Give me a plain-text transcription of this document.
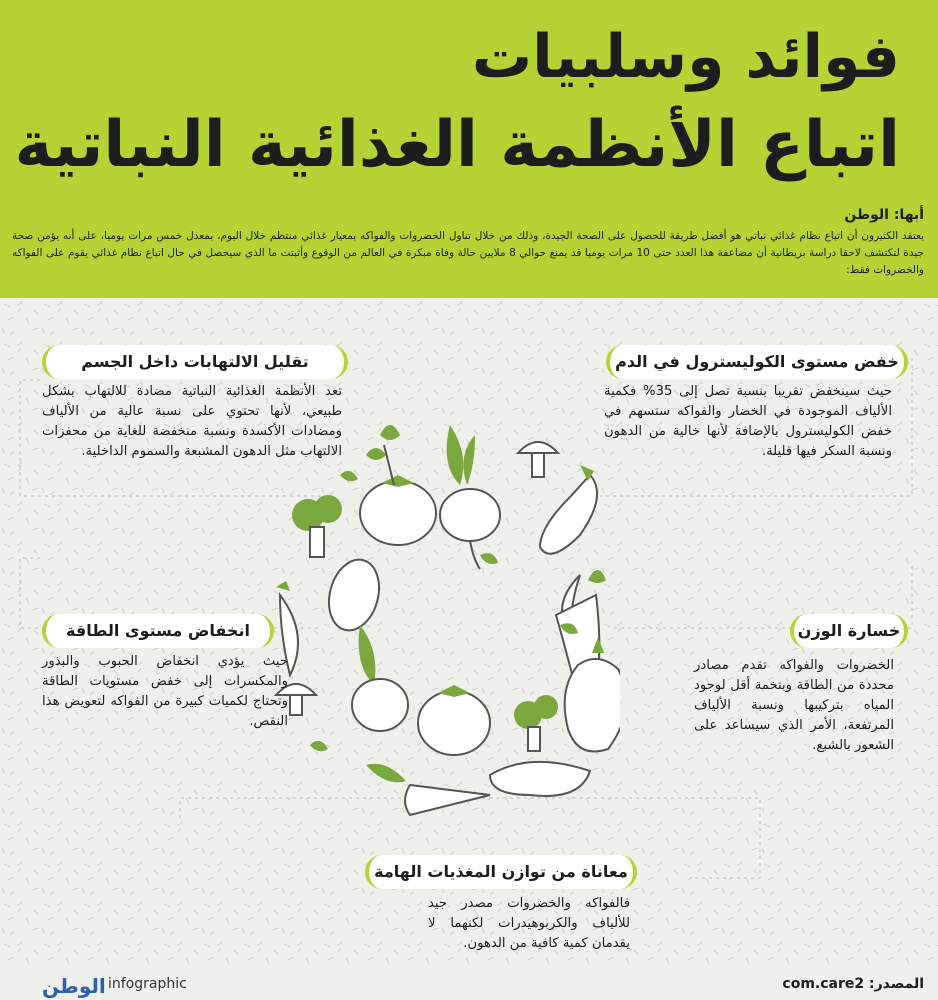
فوائد وسلبيات
اتباع الأنظمة الغذائية النباتية
أبها: الوطن
يعتقد الكثيرون أن اتباع نظام غذائي نباتي هو أفضل طريقة للحصول على الصحة الجيدة، وذلك من خلال تناول الخضروات والفواكه بمعيار غذائي منتظم خلال اليوم، بمعدل خمس مرات يوميا، على أنه يؤمن صحة جيدة لتكتشف لاحقا دراسة بريطانية أن مضاعفة هذا العدد حتى 10 مرات يوميا قد يمنع حوالي 8 ملايين حالة وفاة مبكرة في العالم من الوقوع وأثبتت ما الذي سيحصل في حال اتباع نظام غذائي يقوم على الفواكه والخضروات فقط:
تقليل الالتهابات داخل الجسم
تعد الأنظمة الغذائية النباتية مضادة للالتهاب بشكل طبيعي، لأنها تحتوي على نسبة عالية من الألياف ومضادات الأكسدة ونسبة منخفضة للغاية من محفزات الالتهاب مثل الدهون المشبعة والسموم الداخلية.
خفض مستوى الكوليسترول في الدم
حيث سينخفض تقريبا بنسبة تصل إلى 35% فكمية الألياف الموجودة في الخضار والفواكه ستسهم في خفض الكوليسترول بالإضافة لأنها خالية من الدهون ونسبة السكر فيها قليلة.
انخفاض مستوى الطاقة
حيث يؤدي انخفاض الحبوب والبذور والمكسرات إلى خفض مستويات الطاقة وتحتاج لكميات كبيرة من الفواكه لتعويض هذا النقص.
خسارة الوزن
الخضروات والفواكه تقدم مصادر محددة من الطاقة وبتخمة أقل لوجود المياه بتركيبها ونسبة الألياف المرتفعة، الأمر الذي سيساعد على الشعور بالشبع.
معاناة من توازن المغذيات الهامة
فالفواكه والخضروات مصدر جيد للألياف والكربوهيدرات لكنهما لا يقدمان كمية كافية من الدهون.
الوطن infographic	المصدر: com.care2
